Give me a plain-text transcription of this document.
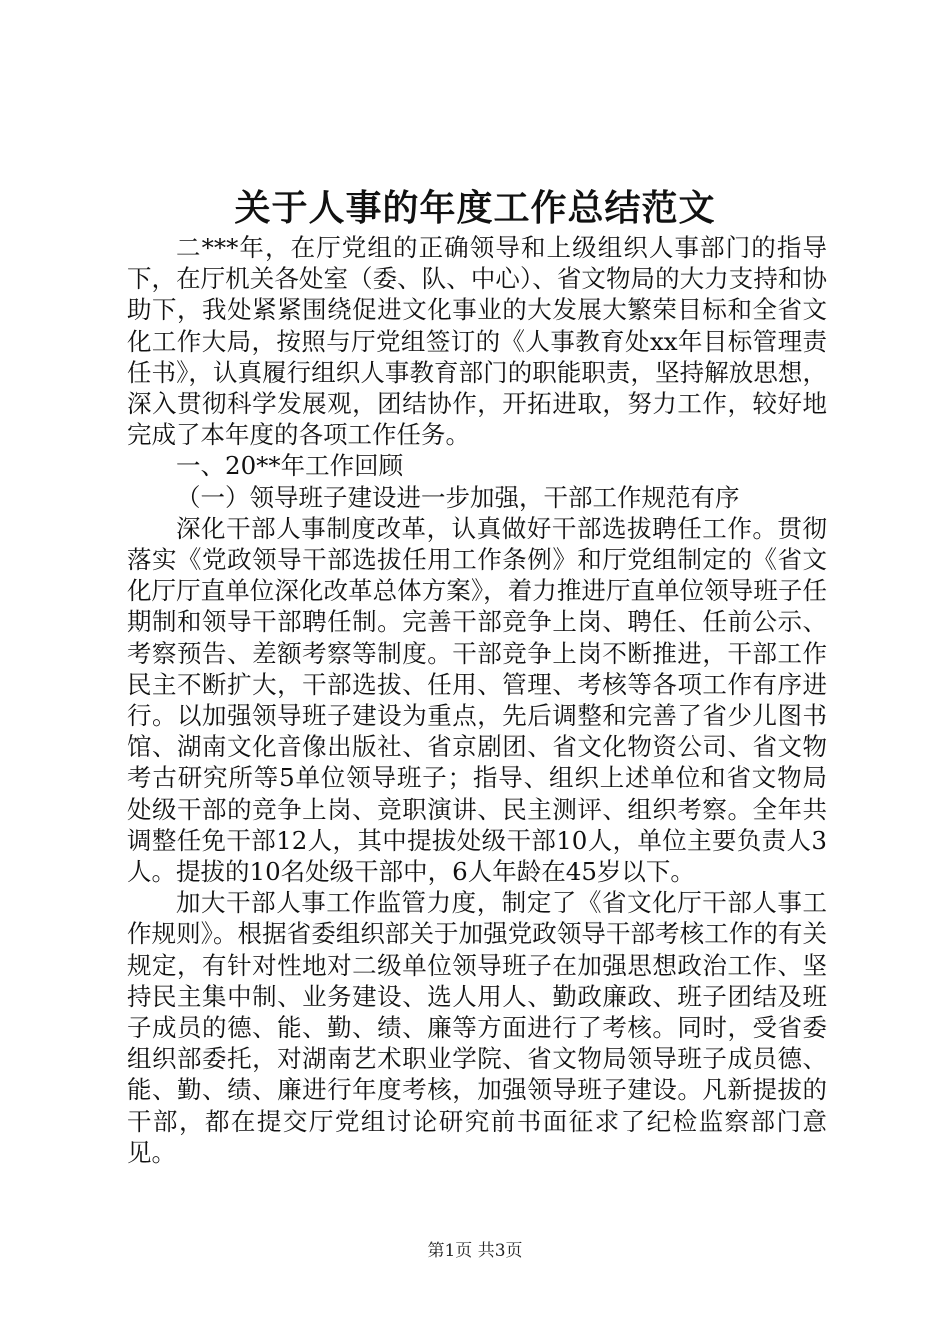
关于人事的年度工作总结范文

二***年，在厅党组的正确领导和上级组织人事部门的指导下，在厅机关各处室（委、队、中心）、省文物局的大力支持和协助下，我处紧紧围绕促进文化事业的大发展大繁荣目标和全省文化工作大局，按照与厅党组签订的《人事教育处xx年目标管理责任书》，认真履行组织人事教育部门的职能职责，坚持解放思想，深入贯彻科学发展观，团结协作，开拓进取，努力工作，较好地完成了本年度的各项工作任务。

一、20**年工作回顾

（一）领导班子建设进一步加强，干部工作规范有序

深化干部人事制度改革，认真做好干部选拔聘任工作。贯彻落实《党政领导干部选拔任用工作条例》和厅党组制定的《省文化厅厅直单位深化改革总体方案》，着力推进厅直单位领导班子任期制和领导干部聘任制。完善干部竞争上岗、聘任、任前公示、考察预告、差额考察等制度。干部竞争上岗不断推进，干部工作民主不断扩大，干部选拔、任用、管理、考核等各项工作有序进行。以加强领导班子建设为重点，先后调整和完善了省少儿图书馆、湖南文化音像出版社、省京剧团、省文化物资公司、省文物考古研究所等5单位领导班子；指导、组织上述单位和省文物局处级干部的竞争上岗、竞职演讲、民主测评、组织考察。全年共调整任免干部12人，其中提拔处级干部10人，单位主要负责人3人。提拔的10名处级干部中，6人年龄在45岁以下。

加大干部人事工作监管力度，制定了《省文化厅干部人事工作规则》。根据省委组织部关于加强党政领导干部考核工作的有关规定，有针对性地对二级单位领导班子在加强思想政治工作、坚持民主集中制、业务建设、选人用人、勤政廉政、班子团结及班子成员的德、能、勤、绩、廉等方面进行了考核。同时，受省委组织部委托，对湖南艺术职业学院、省文物局领导班子成员德、能、勤、绩、廉进行年度考核，加强领导班子建设。凡新提拔的干部，都在提交厅党组讨论研究前书面征求了纪检监察部门意见。

第1页 共3页
